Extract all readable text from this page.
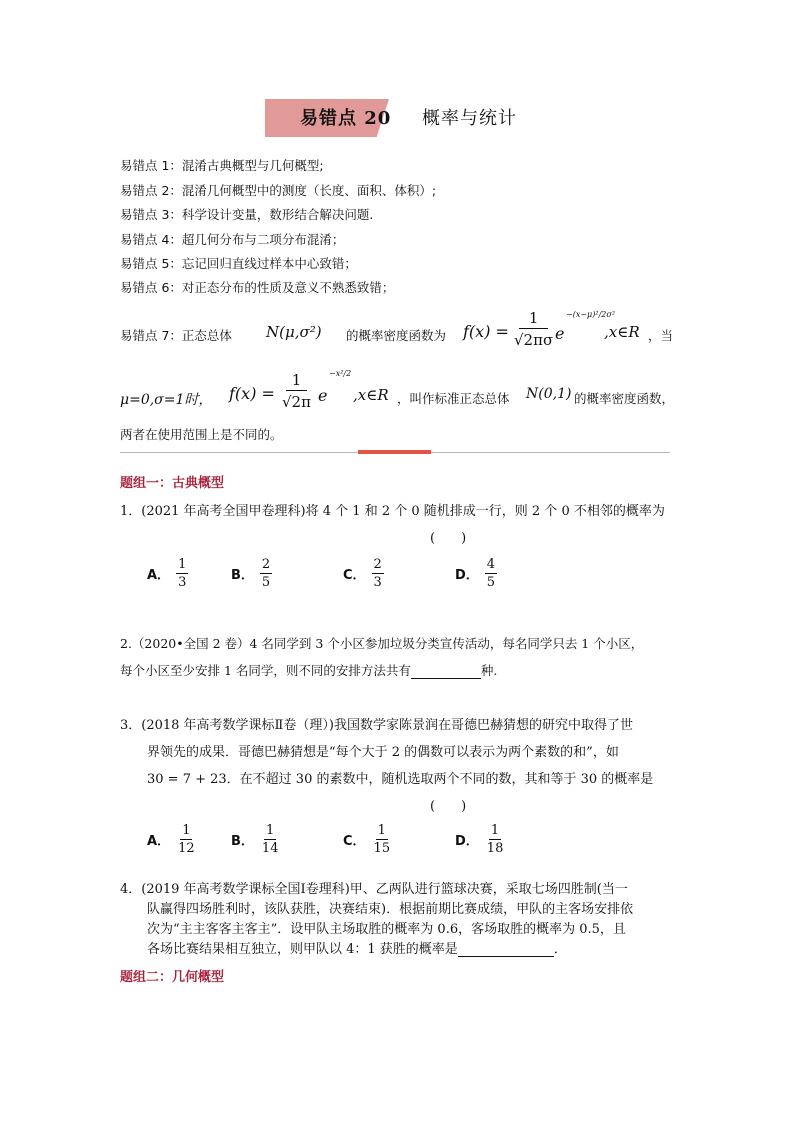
易错点 20 概率与统计
易错点 1：混淆古典概型与几何概型;
易错点 2：混淆几何概型中的测度（长度、面积、体积）;
易错点 3：科学设计变量，数形结合解决问题.
易错点 4：超几何分布与二项分布混淆；
易错点 5：忘记回归直线过样本中心致错；
易错点 6：对正态分布的性质及意义不熟悉致错；
易错点 7：正态总体 N(μ,σ²) 的概率密度函数为 $f(x) = \frac{1}{√2\pi\sigma}$ e
−(x−μ)²/2σ²
,x∈R ，当
μ=0,σ=1时， $f(x) = \frac{1}{√2\pi}$ e
−x²/2
,x∈R ，叫作标准正态总体 N(0,1) 的概率密度函数，
两者在使用范围上是不同的。
题组一：古典概型
1．(2021 年高考全国甲卷理科)将 4 个 1 和 2 个 0 随机排成一行，则 2 个 0 不相邻的概率为
(　　)
A． $\frac{1}{3}$	B． $\frac{2}{5}$	C． $\frac{2}{3}$	D． $\frac{4}{5}$
2.（2020•全国 2 卷）4 名同学到 3 个小区参加垃圾分类宣传活动，每名同学只去 1 个小区，
每个小区至少安排 1 名同学，则不同的安排方法共有	种.
3．(2018 年高考数学课标Ⅱ卷（理）)我国数学家陈景润在哥德巴赫猜想的研究中取得了世
界领先的成果．哥德巴赫猜想是“每个大于 2 的偶数可以表示为两个素数的和”，如
30 = 7 + 23．在不超过 30 的素数中，随机选取两个不同的数，其和等于 30 的概率是
(　　)
A． $\frac{1}{12}$	B． $\frac{1}{14}$	C． $\frac{1}{15}$	D． $\frac{1}{18}$
4．(2019 年高考数学课标全国Ⅰ卷理科)甲、乙两队进行篮球决赛，采取七场四胜制(当一
队赢得四场胜利时，该队获胜，决赛结束)．根据前期比赛成绩，甲队的主客场安排依
次为“主主客客主客主”．设甲队主场取胜的概率为 0.6，客场取胜的概率为 0.5，且
各场比赛结果相互独立，则甲队以 4：1 获胜的概率是	．
题组二：几何概型
